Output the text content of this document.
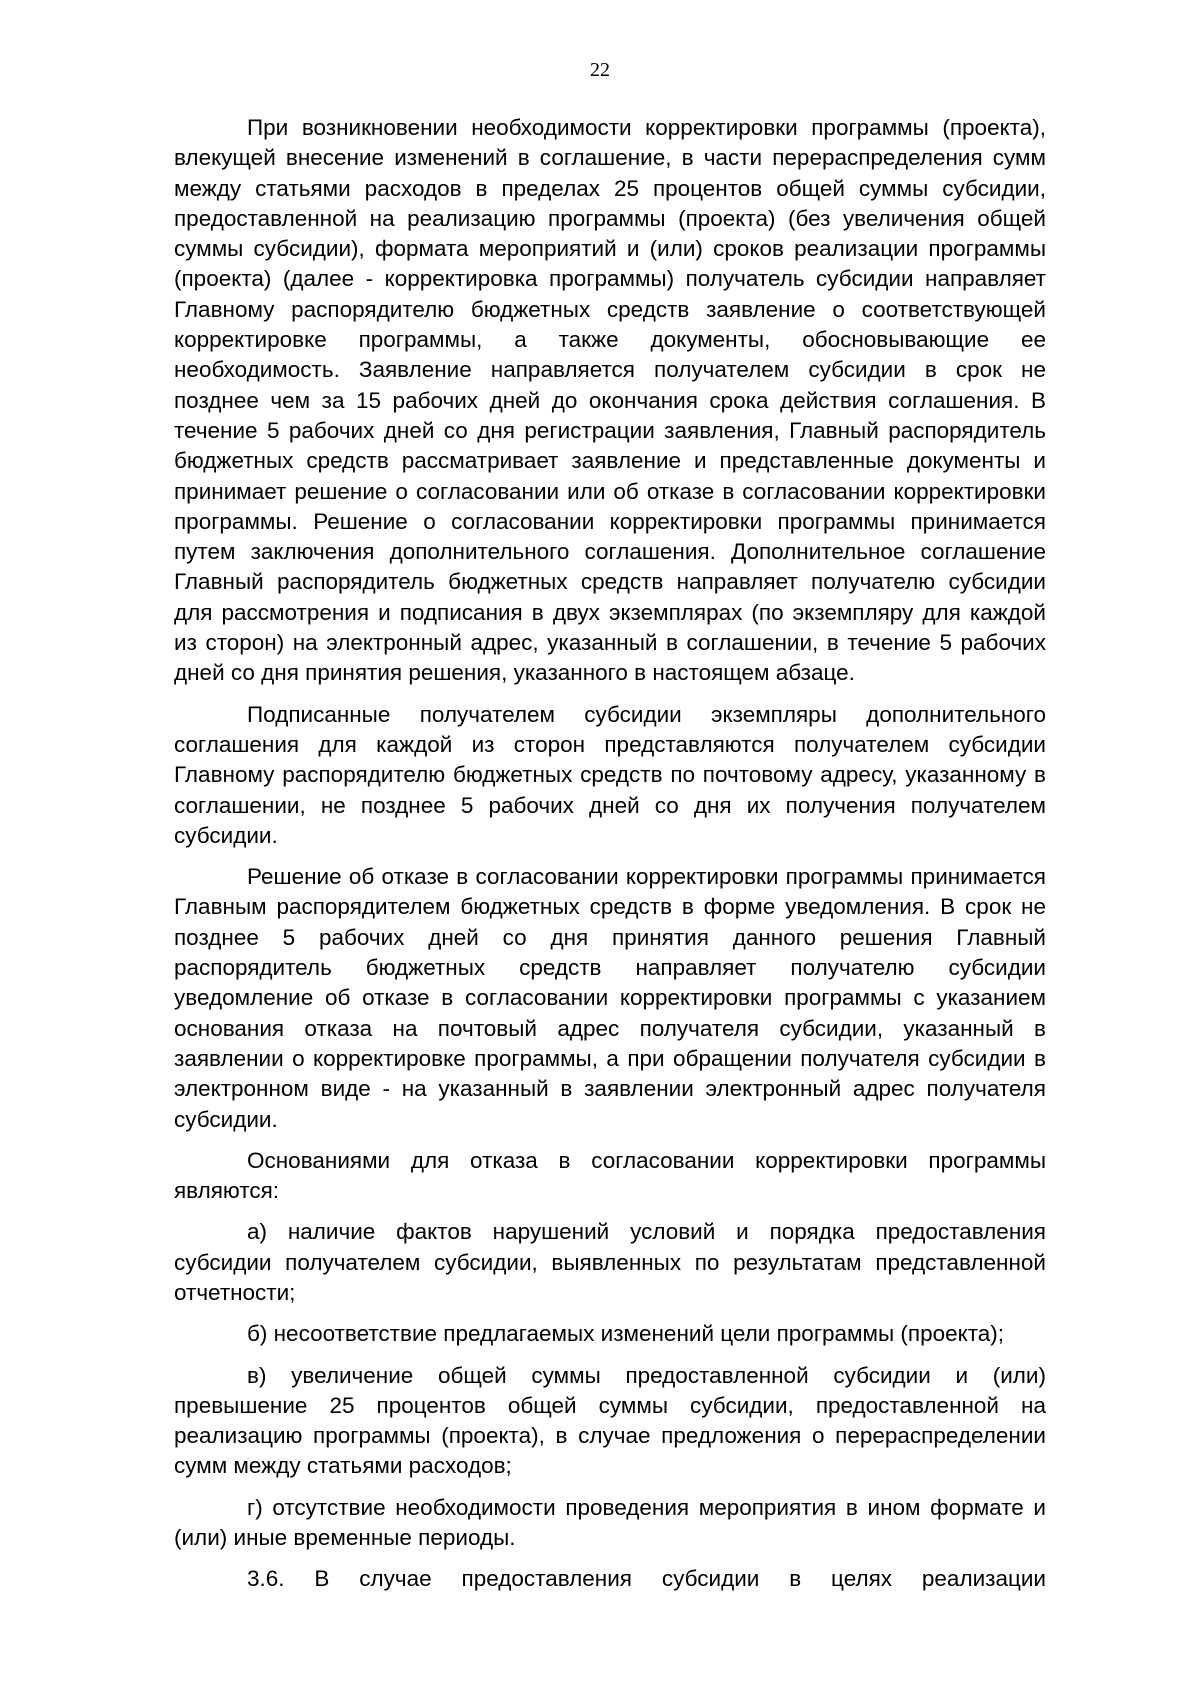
22

При возникновении необходимости корректировки программы (проекта), влекущей внесение изменений в соглашение, в части перераспределения сумм между статьями расходов в пределах 25 процентов общей суммы субсидии, предоставленной на реализацию программы (проекта) (без увеличения общей суммы субсидии), формата мероприятий и (или) сроков реализации программы (проекта) (далее - корректировка программы) получатель субсидии направляет Главному распорядителю бюджетных средств заявление о соответствующей корректировке программы, а также документы, обосновывающие ее необходимость. Заявление направляется получателем субсидии в срок не позднее чем за 15 рабочих дней до окончания срока действия соглашения. В течение 5 рабочих дней со дня регистрации заявления, Главный распорядитель бюджетных средств рассматривает заявление и представленные документы и принимает решение о согласовании или об отказе в согласовании корректировки программы. Решение о согласовании корректировки программы принимается путем заключения дополнительного соглашения. Дополнительное соглашение Главный распорядитель бюджетных средств направляет получателю субсидии для рассмотрения и подписания в двух экземплярах (по экземпляру для каждой из сторон) на электронный адрес, указанный в соглашении, в течение 5 рабочих дней со дня принятия решения, указанного в настоящем абзаце.

Подписанные получателем субсидии экземпляры дополнительного соглашения для каждой из сторон представляются получателем субсидии Главному распорядителю бюджетных средств по почтовому адресу, указанному в соглашении, не позднее 5 рабочих дней со дня их получения получателем субсидии.

Решение об отказе в согласовании корректировки программы принимается Главным распорядителем бюджетных средств в форме уведомления. В срок не позднее 5 рабочих дней со дня принятия данного решения Главный распорядитель бюджетных средств направляет получателю субсидии уведомление об отказе в согласовании корректировки программы с указанием основания отказа на почтовый адрес получателя субсидии, указанный в заявлении о корректировке программы, а при обращении получателя субсидии в электронном виде - на указанный в заявлении электронный адрес получателя субсидии.

Основаниями для отказа в согласовании корректировки программы являются:

а) наличие фактов нарушений условий и порядка предоставления субсидии получателем субсидии, выявленных по результатам представленной отчетности;

б) несоответствие предлагаемых изменений цели программы (проекта);

в) увеличение общей суммы предоставленной субсидии и (или) превышение 25 процентов общей суммы субсидии, предоставленной на реализацию программы (проекта), в случае предложения о перераспределении сумм между статьями расходов;

г) отсутствие необходимости проведения мероприятия в ином формате и (или) иные временные периоды.

3.6. В случае предоставления субсидии в целях реализации
